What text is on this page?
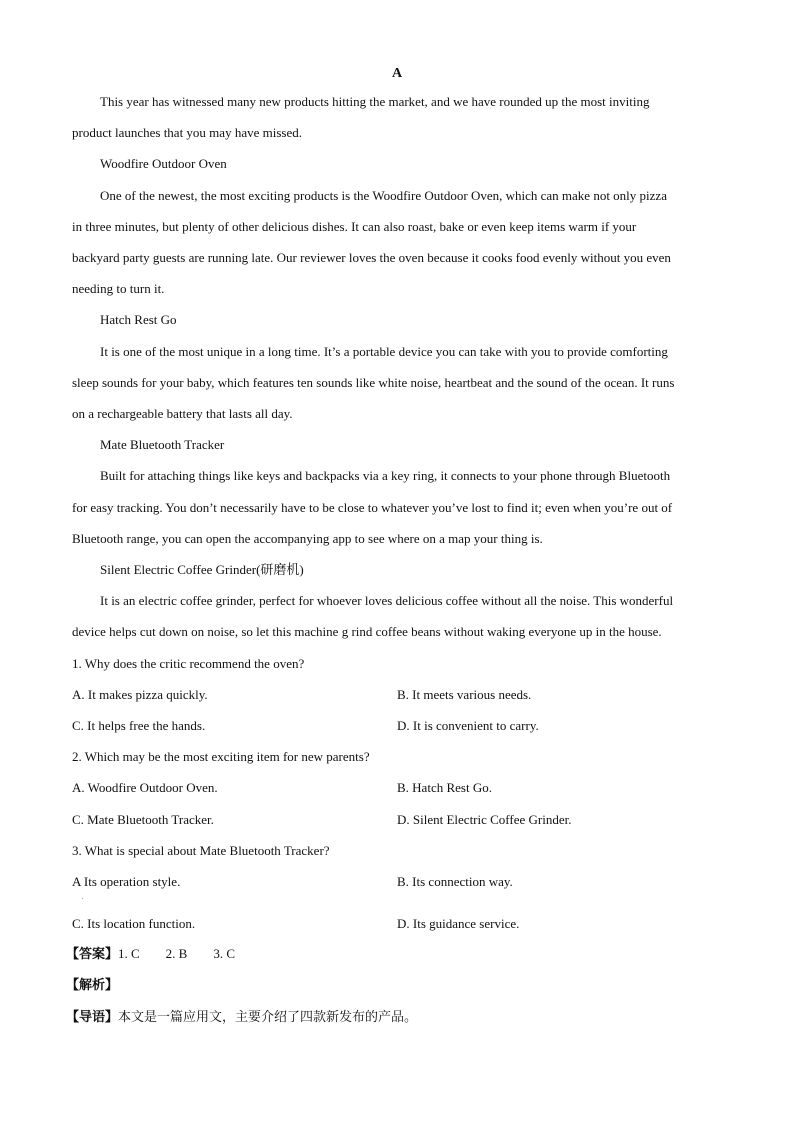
A
This year has witnessed many new products hitting the market, and we have rounded up the most inviting
product launches that you may have missed.
Woodfire Outdoor Oven
One of the newest, the most exciting products is the Woodfire Outdoor Oven, which can make not only pizza
in three minutes, but plenty of other delicious dishes. It can also roast, bake or even keep items warm if your
backyard party guests are running late. Our reviewer loves the oven because it cooks food evenly without you even
needing to turn it.
Hatch Rest Go
It is one of the most unique in a long time. It’s a portable device you can take with you to provide comforting
sleep sounds for your baby, which features ten sounds like white noise, heartbeat and the sound of the ocean. It runs
on a rechargeable battery that lasts all day.
Mate Bluetooth Tracker
Built for attaching things like keys and backpacks via a key ring, it connects to your phone through Bluetooth
for easy tracking. You don’t necessarily have to be close to whatever you’ve lost to find it; even when you’re out of
Bluetooth range, you can open the accompanying app to see where on a map your thing is.
Silent Electric Coffee Grinder(研磨机)
It is an electric coffee grinder, perfect for whoever loves delicious coffee without all the noise. This wonderful
device helps cut down on noise, so let this machine g rind coffee beans without waking everyone up in the house.
1. Why does the critic recommend the oven?
A. It makes pizza quickly.	B. It meets various needs.
C. It helps free the hands.	D. It is convenient to carry.
2. Which may be the most exciting item for new parents?
A. Woodfire Outdoor Oven.	B. Hatch Rest Go.
C. Mate Bluetooth Tracker.	D. Silent Electric Coffee Grinder.
3. What is special about Mate Bluetooth Tracker?
A Its operation style.	B. Its connection way.
.
C. Its location function.	D. Its guidance service.
【答案】1. C        2. B        3. C
【解析】
【导语】本文是一篇应用文，主要介绍了四款新发布的产品。
